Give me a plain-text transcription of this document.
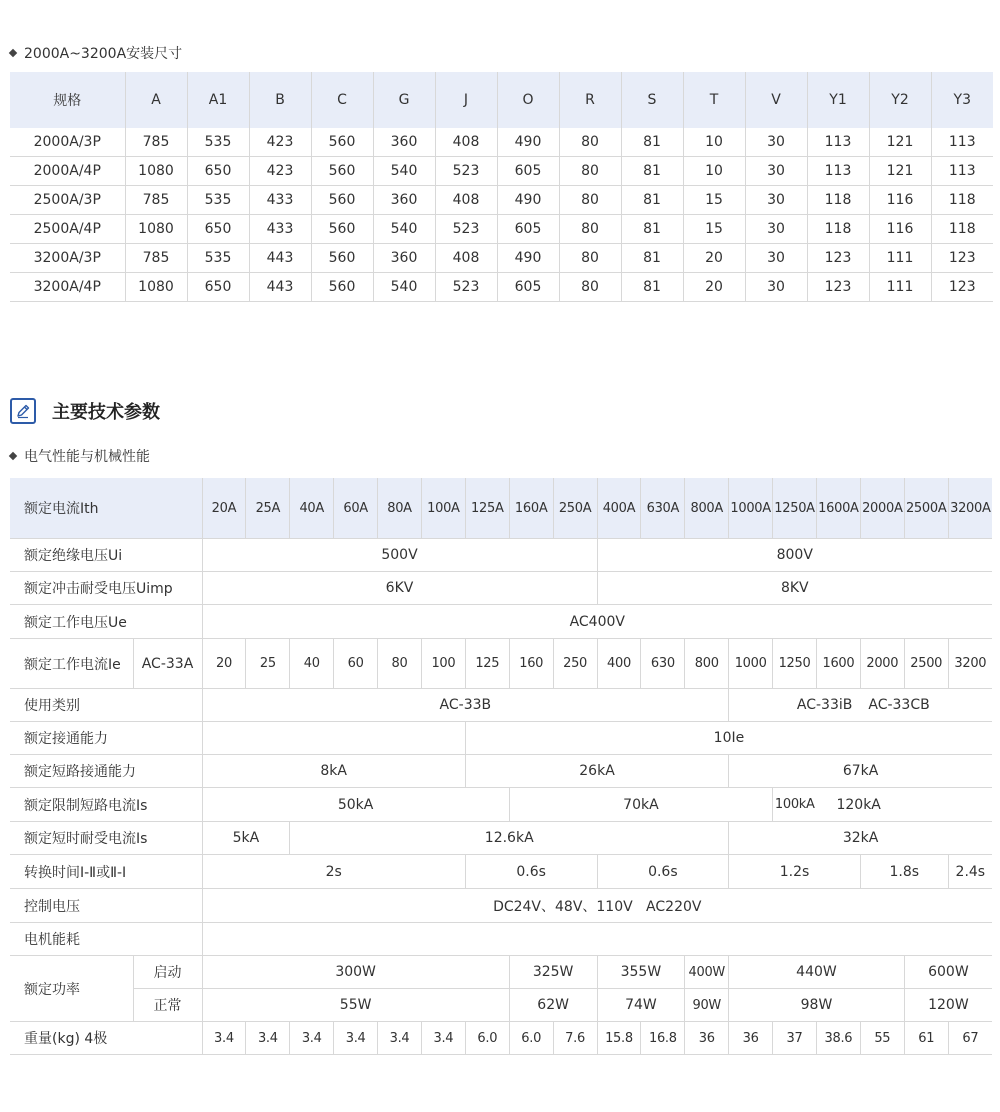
2000A~3200A安装尺寸
规格	A	A1	B	C	G	J	O	R	S	T	V	Y1	Y2	Y3
2000A/3P	785	535	423	560	360	408	490	80	81	10	30	113	121	113
2000A/4P	1080	650	423	560	540	523	605	80	81	10	30	113	121	113
2500A/3P	785	535	433	560	360	408	490	80	81	15	30	118	116	118
2500A/4P	1080	650	433	560	540	523	605	80	81	15	30	118	116	118
3200A/3P	785	535	443	560	360	408	490	80	81	20	30	123	111	123
3200A/4P	1080	650	443	560	540	523	605	80	81	20	30	123	111	123
主要技术参数
电气性能与机械性能
额定电流Ith		20A	25A	40A	60A	80A	100A	125A	160A	250A	400A	630A	800A	1000A	1250A	1600A	2000A	2500A	3200A
额定绝缘电压Ui		500V									800V								
额定冲击耐受电压Uimp		6KV									8KV								
额定工作电压Ue		AC400V																	
额定工作电流Ie	AC-33A	20	25	40	60	80	100	125	160	250	400	630	800	1000	1250	1600	2000	2500	3200
使用类别		AC-33B												AC-33iB			AC-33CB		
额定接通能力								10Ie											
额定短路接通能力		8kA						26kA						67kA					
额定限制短路电流Is		50kA							70kA						100kA	120kA			
额定短时耐受电流Is		5kA		12.6kA										32kA					
转换时间Ⅰ-Ⅱ或Ⅱ-Ⅰ		2s						0.6s			0.6s			1.2s			1.8s		2.4s
控制电压		DC24V、48V、110V   AC220V																	
电机能耗																			
额定功率	启动	300W							325W		355W		400W	440W				600W	
	正常	55W							62W		74W		90W	98W				120W	
重量(kg) 4极		3.4	3.4	3.4	3.4	3.4	3.4	6.0	6.0	7.6	15.8	16.8	36	36	37	38.6	55	61	67
